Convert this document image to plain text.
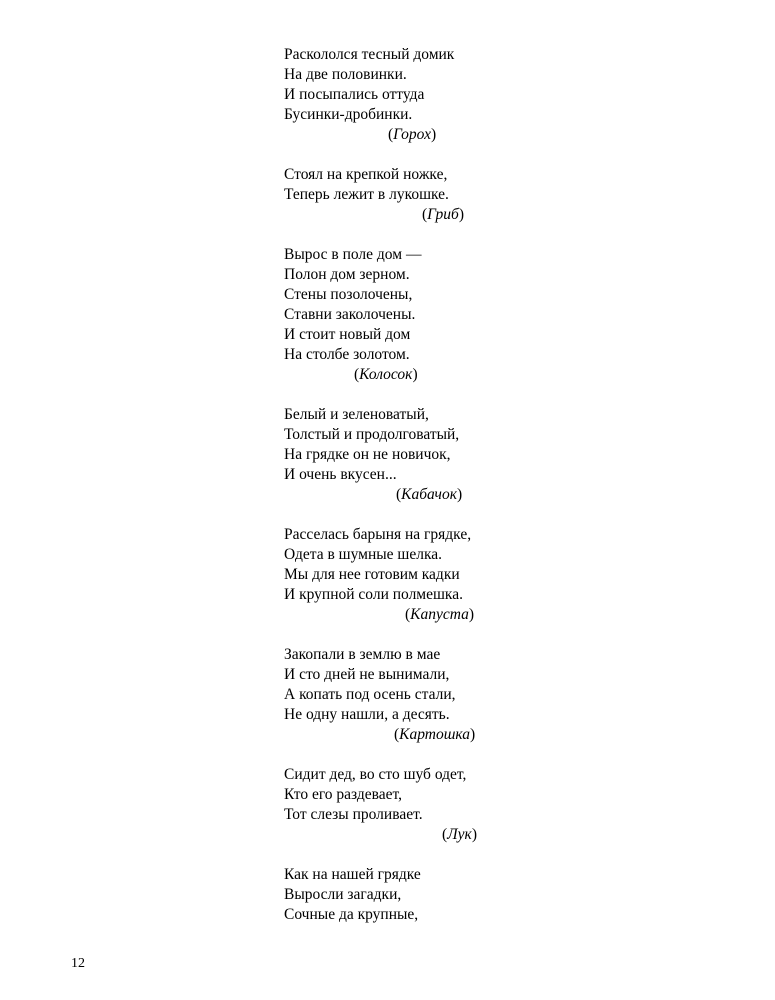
Раскололся тесный домик
На две половинки.
И посыпались оттуда
Бусинки-дробинки.
(Горох)
Стоял на крепкой ножке,
Теперь лежит в лукошке.
(Гриб)
Вырос в поле дом —
Полон дом зерном.
Стены позолочены,
Ставни заколочены.
И стоит новый дом
На столбе золотом.
(Колосок)
Белый и зеленоватый,
Толстый и продолговатый,
На грядке он не новичок,
И очень вкусен...
(Кабачок)
Расселась барыня на грядке,
Одета в шумные шелка.
Мы для нее готовим кадки
И крупной соли полмешка.
(Капуста)
Закопали в землю в мае
И сто дней не вынимали,
А копать под осень стали,
Не одну нашли, а десять.
(Картошка)
Сидит дед, во сто шуб одет,
Кто его раздевает,
Тот слезы проливает.
(Лук)
Как на нашей грядке
Выросли загадки,
Сочные да крупные,
12
